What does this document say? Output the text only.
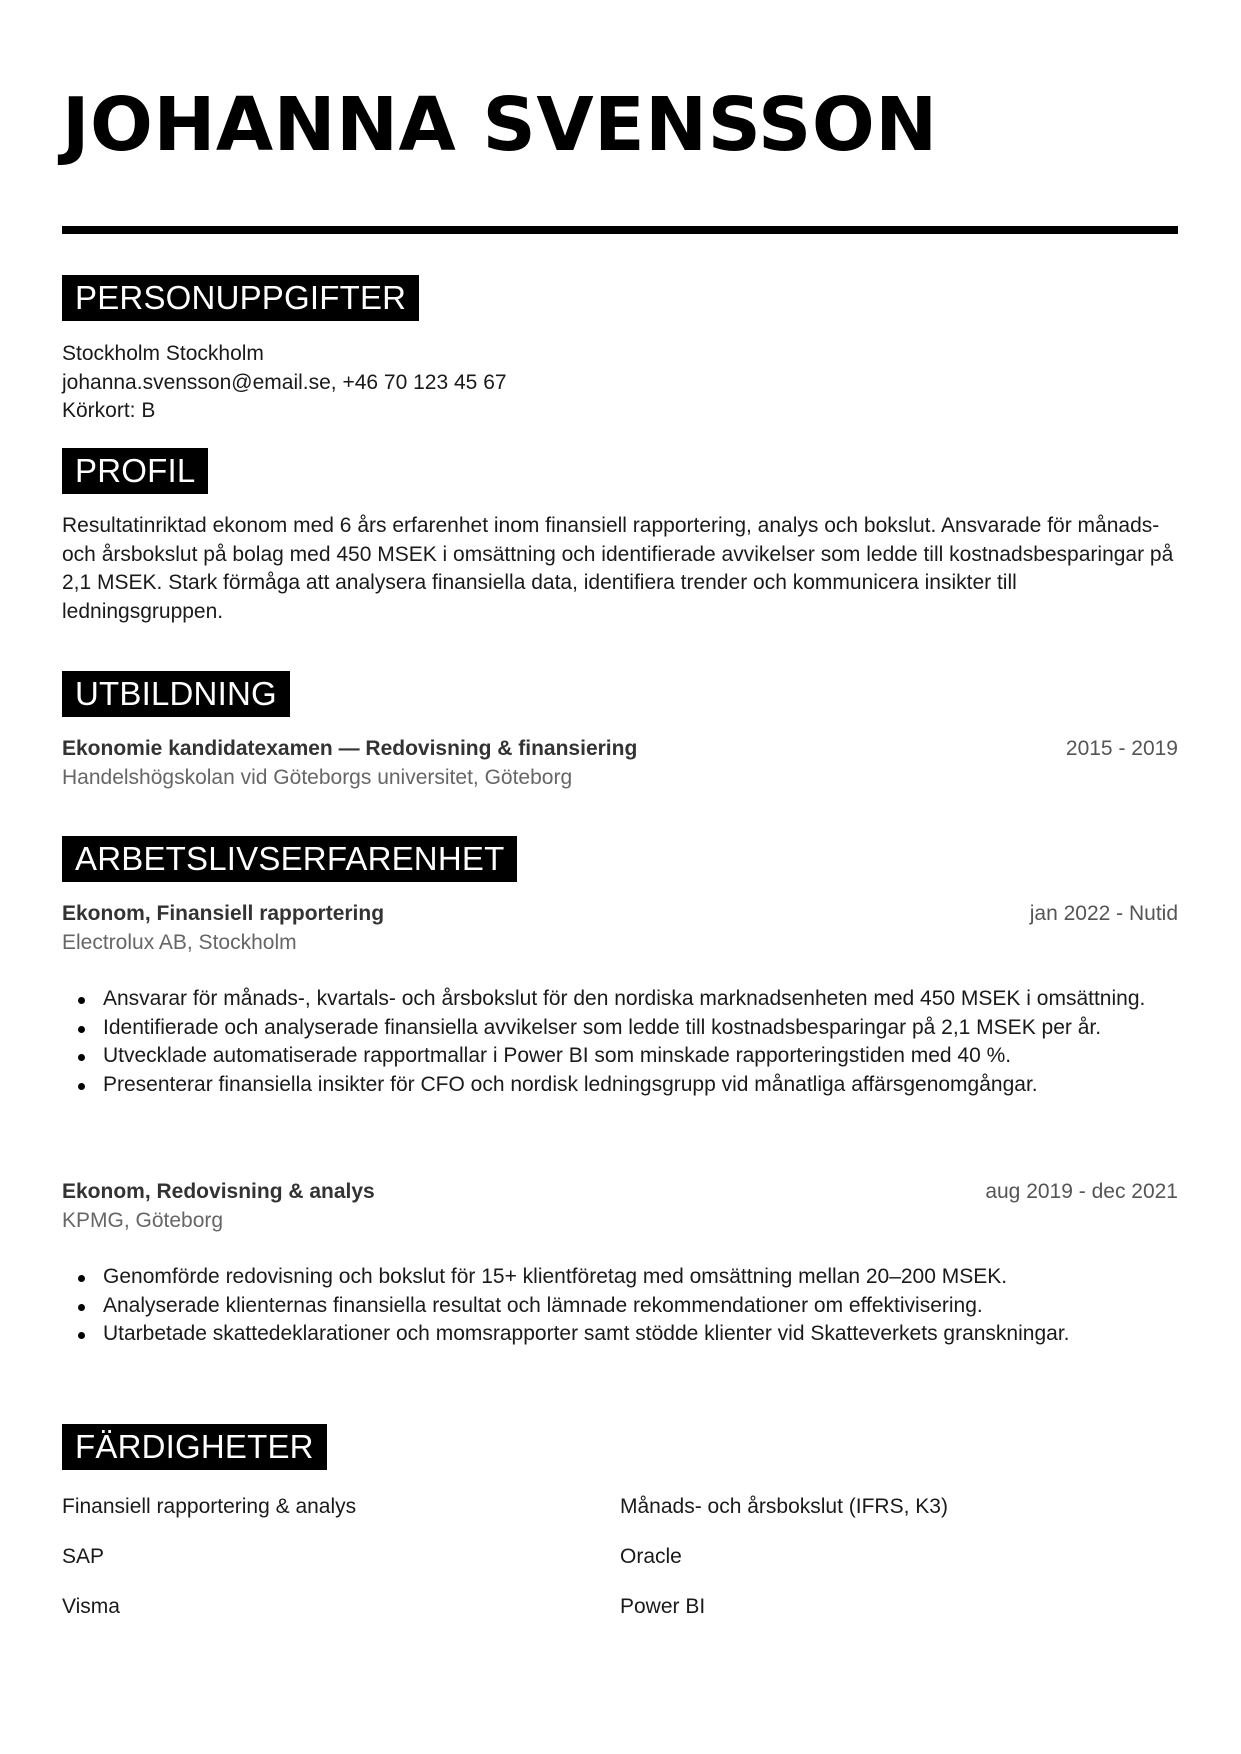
JOHANNA SVENSSON
PERSONUPPGIFTER
Stockholm Stockholm
johanna.svensson@email.se, +46 70 123 45 67
Körkort: B
PROFIL
Resultatinriktad ekonom med 6 års erfarenhet inom finansiell rapportering, analys och bokslut. Ansvarade för månads- och årsbokslut på bolag med 450 MSEK i omsättning och identifierade avvikelser som ledde till kostnadsbesparingar på 2,1 MSEK. Stark förmåga att analysera finansiella data, identifiera trender och kommunicera insikter till ledningsgruppen.
UTBILDNING
Ekonomie kandidatexamen — Redovisning & finansiering	2015 - 2019
Handelshögskolan vid Göteborgs universitet, Göteborg
ARBETSLIVSERFARENHET
Ekonom, Finansiell rapportering	jan 2022 - Nutid
Electrolux AB, Stockholm
Ansvarar för månads-, kvartals- och årsbokslut för den nordiska marknadsenheten med 450 MSEK i omsättning.
Identifierade och analyserade finansiella avvikelser som ledde till kostnadsbesparingar på 2,1 MSEK per år.
Utvecklade automatiserade rapportmallar i Power BI som minskade rapporteringstiden med 40 %.
Presenterar finansiella insikter för CFO och nordisk ledningsgrupp vid månatliga affärsgenomgångar.
Ekonom, Redovisning & analys	aug 2019 - dec 2021
KPMG, Göteborg
Genomförde redovisning och bokslut för 15+ klientföretag med omsättning mellan 20–200 MSEK.
Analyserade klienternas finansiella resultat och lämnade rekommendationer om effektivisering.
Utarbetade skattedeklarationer och momsrapporter samt stödde klienter vid Skatteverkets granskningar.
FÄRDIGHETER
Finansiell rapportering & analys	Månads- och årsbokslut (IFRS, K3)
SAP	Oracle
Visma	Power BI
